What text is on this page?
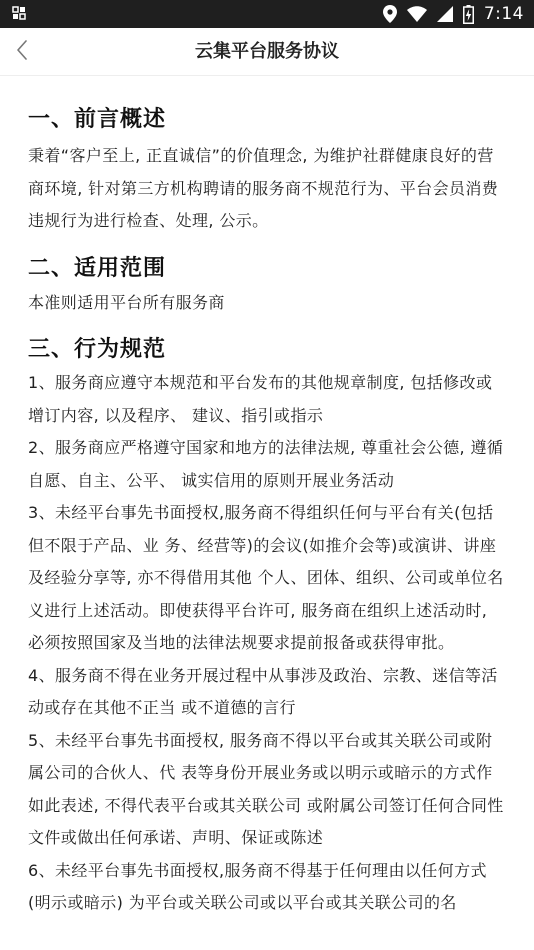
7:14
云集平台服务协议
一、前言概述

秉着“客户至上, 正直诚信”的价值理念, 为维护社群健康良好的营商环境, 针对第三方机构聘请的服务商不规范行为、平台会员消费违规行为进行检查、处理, 公示。

二、适用范围

本准则适用平台所有服务商

三、行为规范

1、服务商应遵守本规范和平台发布的其他规章制度, 包括修改或增订内容, 以及程序、 建议、指引或指示

2、服务商应严格遵守国家和地方的法律法规, 尊重社会公德, 遵循自愿、自主、公平、 诚实信用的原则开展业务活动

3、未经平台事先书面授权,服务商不得组织任何与平台有关(包括但不限于产品、业 务、经营等)的会议(如推介会等)或演讲、讲座及经验分享等, 亦不得借用其他 个人、团体、组织、公司或单位名义进行上述活动。即使获得平台许可, 服务商在组织上述活动时, 必须按照国家及当地的法律法规要求提前报备或获得审批。

4、服务商不得在业务开展过程中从事涉及政治、宗教、迷信等活动或存在其他不正当 或不道德的言行

5、未经平台事先书面授权, 服务商不得以平台或其关联公司或附属公司的合伙人、代 表等身份开展业务或以明示或暗示的方式作如此表述, 不得代表平台或其关联公司 或附属公司签订任何合同性文件或做出任何承诺、声明、保证或陈述

6、未经平台事先书面授权,服务商不得基于任何理由以任何方式(明示或暗示) 为平台或关联公司或以平台或其关联公司的名
